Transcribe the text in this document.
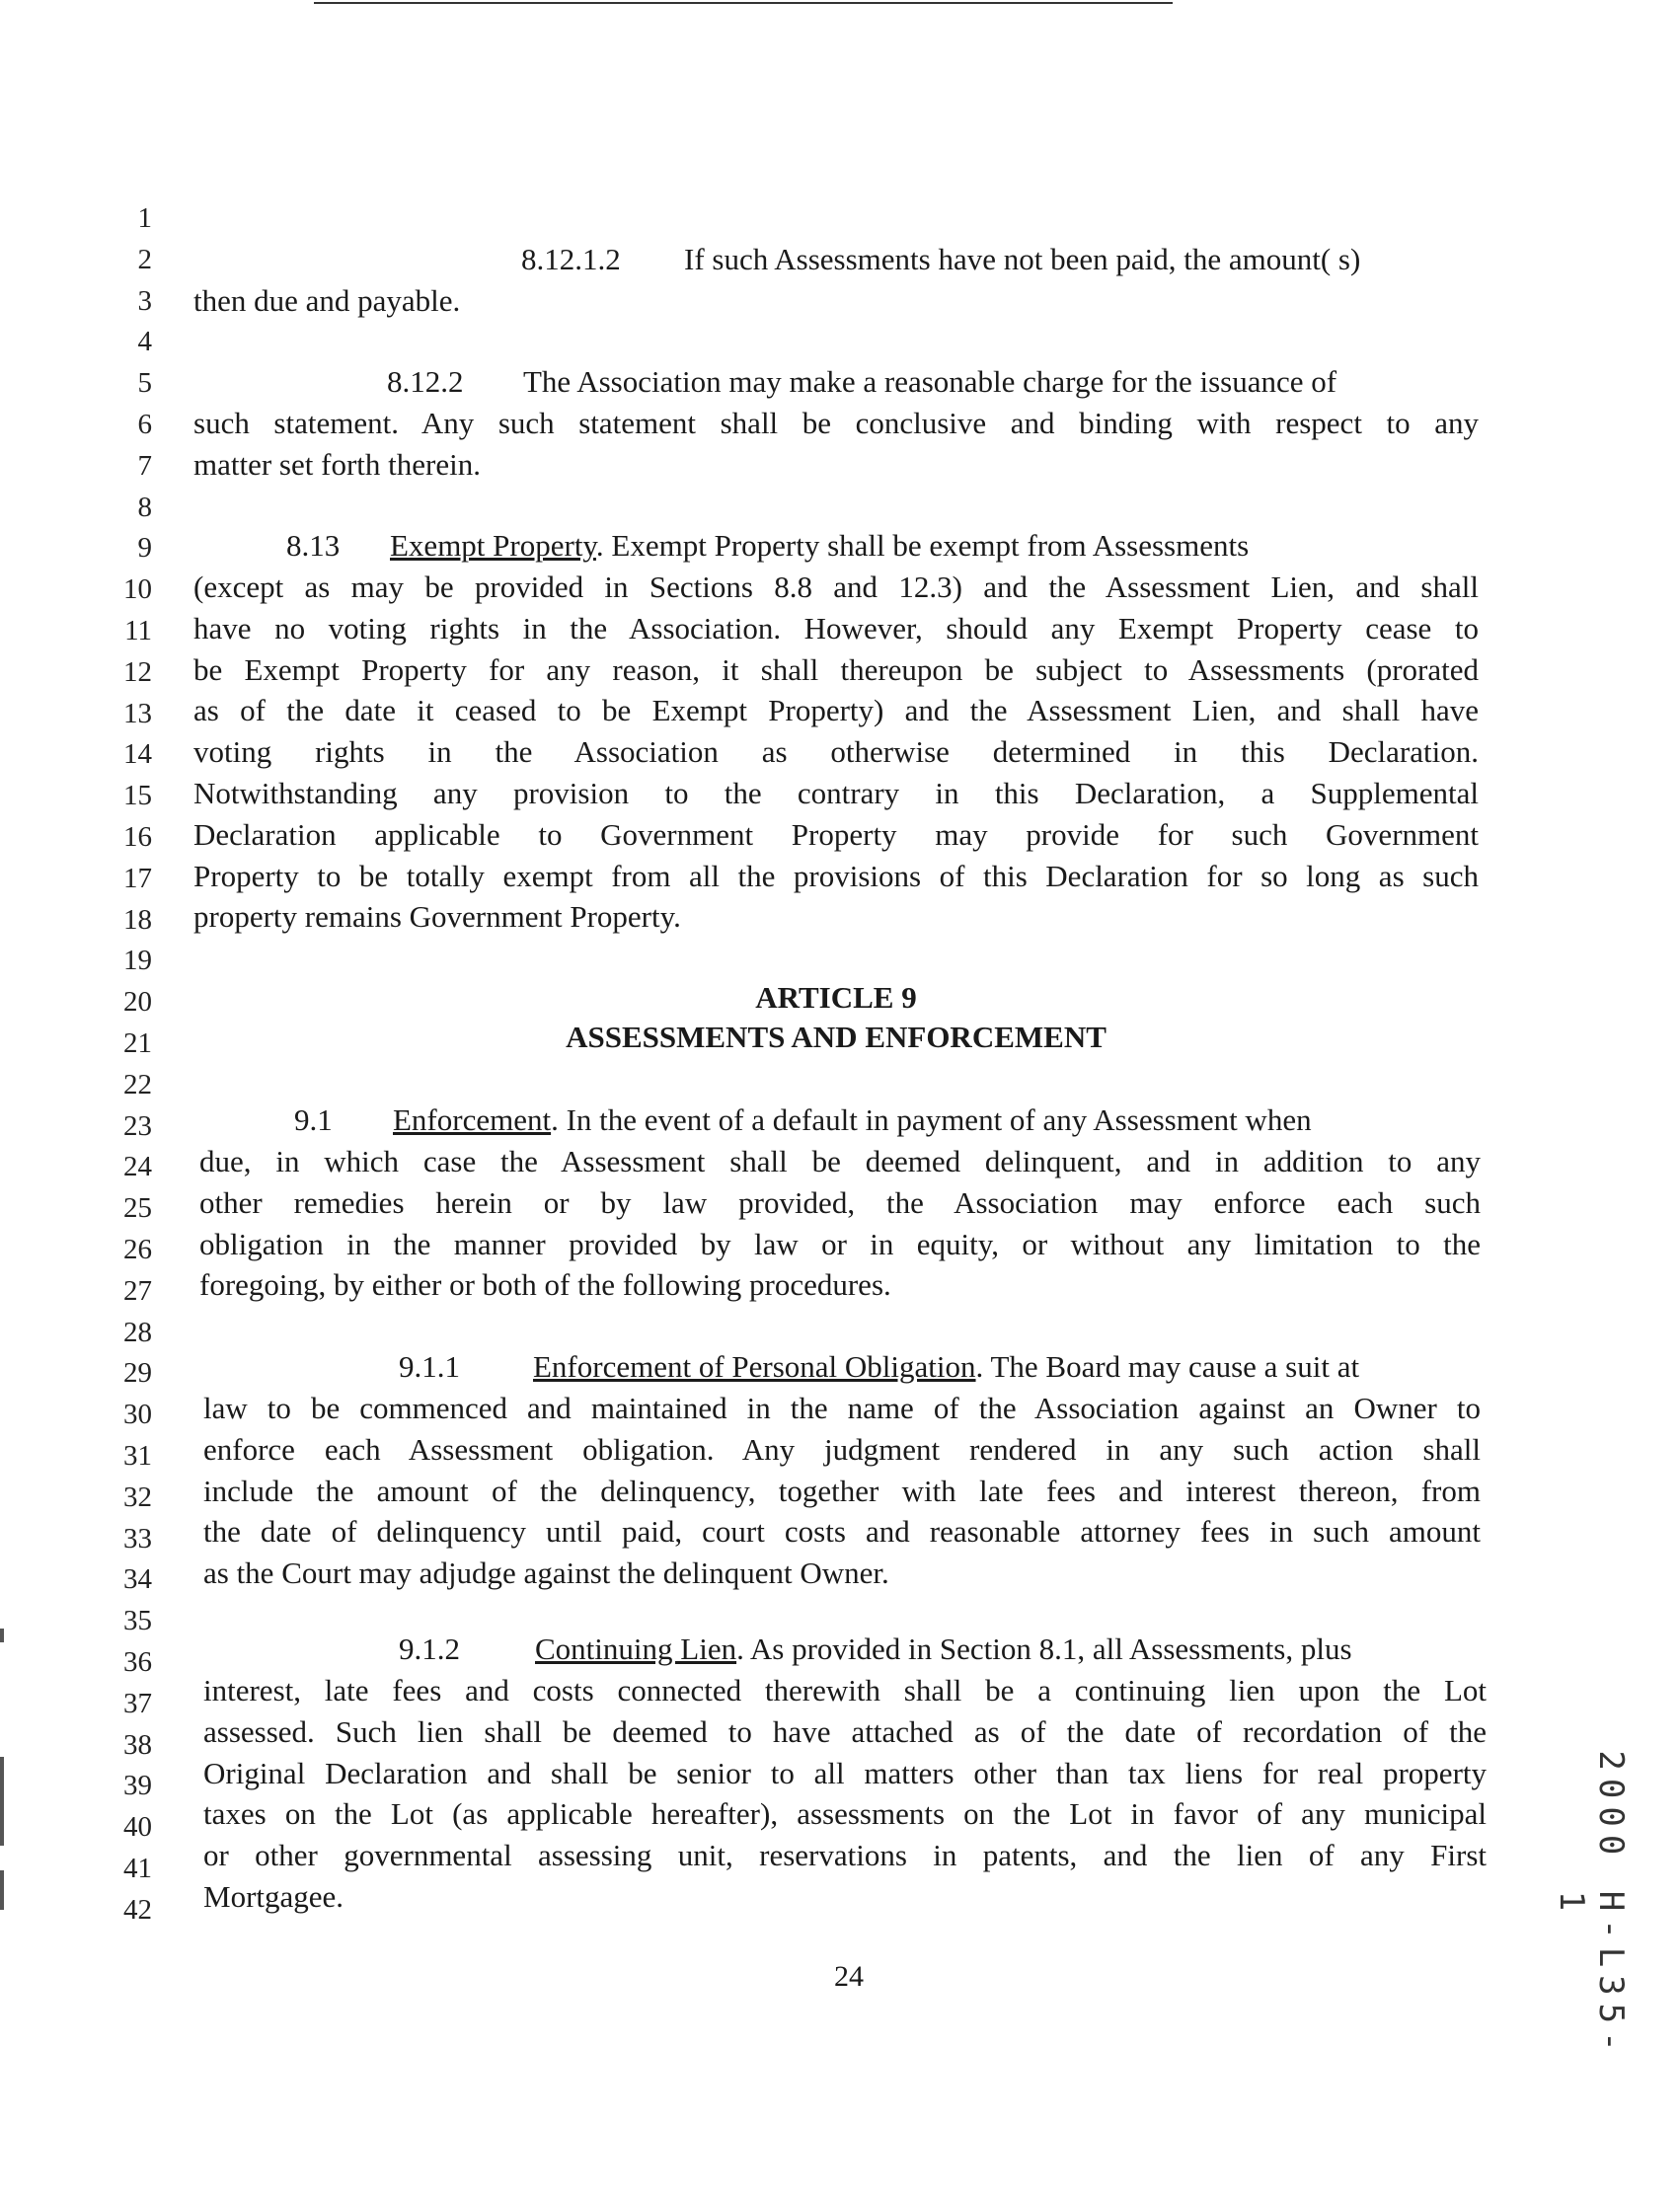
1
2
3
4
5
6
7
8
9
10
11
12
13
14
15
16
17
18
19
20
21
22
23
24
25
26
27
28
29
30
31
32
33
34
35
36
37
38
39
40
41
42
8.12.1.2 If such Assessments have not been paid, the amount( s)
then due and payable.
8.12.2 The Association may make a reasonable charge for the issuance of
such statement. Any such statement shall be conclusive and binding with respect to any
matter set forth therein.
8.13 Exempt Property. Exempt Property shall be exempt from Assessments
(except as may be provided in Sections 8.8 and 12.3) and the Assessment Lien, and shall
have no voting rights in the Association. However, should any Exempt Property cease to
be Exempt Property for any reason, it shall thereupon be subject to Assessments (prorated
as of the date it ceased to be Exempt Property) and the Assessment Lien, and shall have
voting rights in the Association as otherwise determined in this Declaration.
Notwithstanding any provision to the contrary in this Declaration, a Supplemental
Declaration applicable to Government Property may provide for such Government
Property to be totally exempt from all the provisions of this Declaration for so long as such
property remains Government Property.
ARTICLE 9
ASSESSMENTS AND ENFORCEMENT
9.1 Enforcement. In the event of a default in payment of any Assessment when
due, in which case the Assessment shall be deemed delinquent, and in addition to any
other remedies herein or by law provided, the Association may enforce each such
obligation in the manner provided by law or in equity, or without any limitation to the
foregoing, by either or both of the following procedures.
9.1.1 Enforcement of Personal Obligation. The Board may cause a suit at
law to be commenced and maintained in the name of the Association against an Owner to
enforce each Assessment obligation. Any judgment rendered in any such action shall
include the amount of the delinquency, together with late fees and interest thereon, from
the date of delinquency until paid, court costs and reasonable attorney fees in such amount
as the Court may adjudge against the delinquent Owner.
9.1.2 Continuing Lien. As provided in Section 8.1, all Assessments, plus
interest, late fees and costs connected therewith shall be a continuing lien upon the Lot
assessed. Such lien shall be deemed to have attached as of the date of recordation of the
Original Declaration and shall be senior to all matters other than tax liens for real property
taxes on the Lot (as applicable hereafter), assessments on the Lot in favor of any municipal
or other governmental assessing unit, reservations in patents, and the lien of any First
Mortgagee.
24	2000 H-L35-1
